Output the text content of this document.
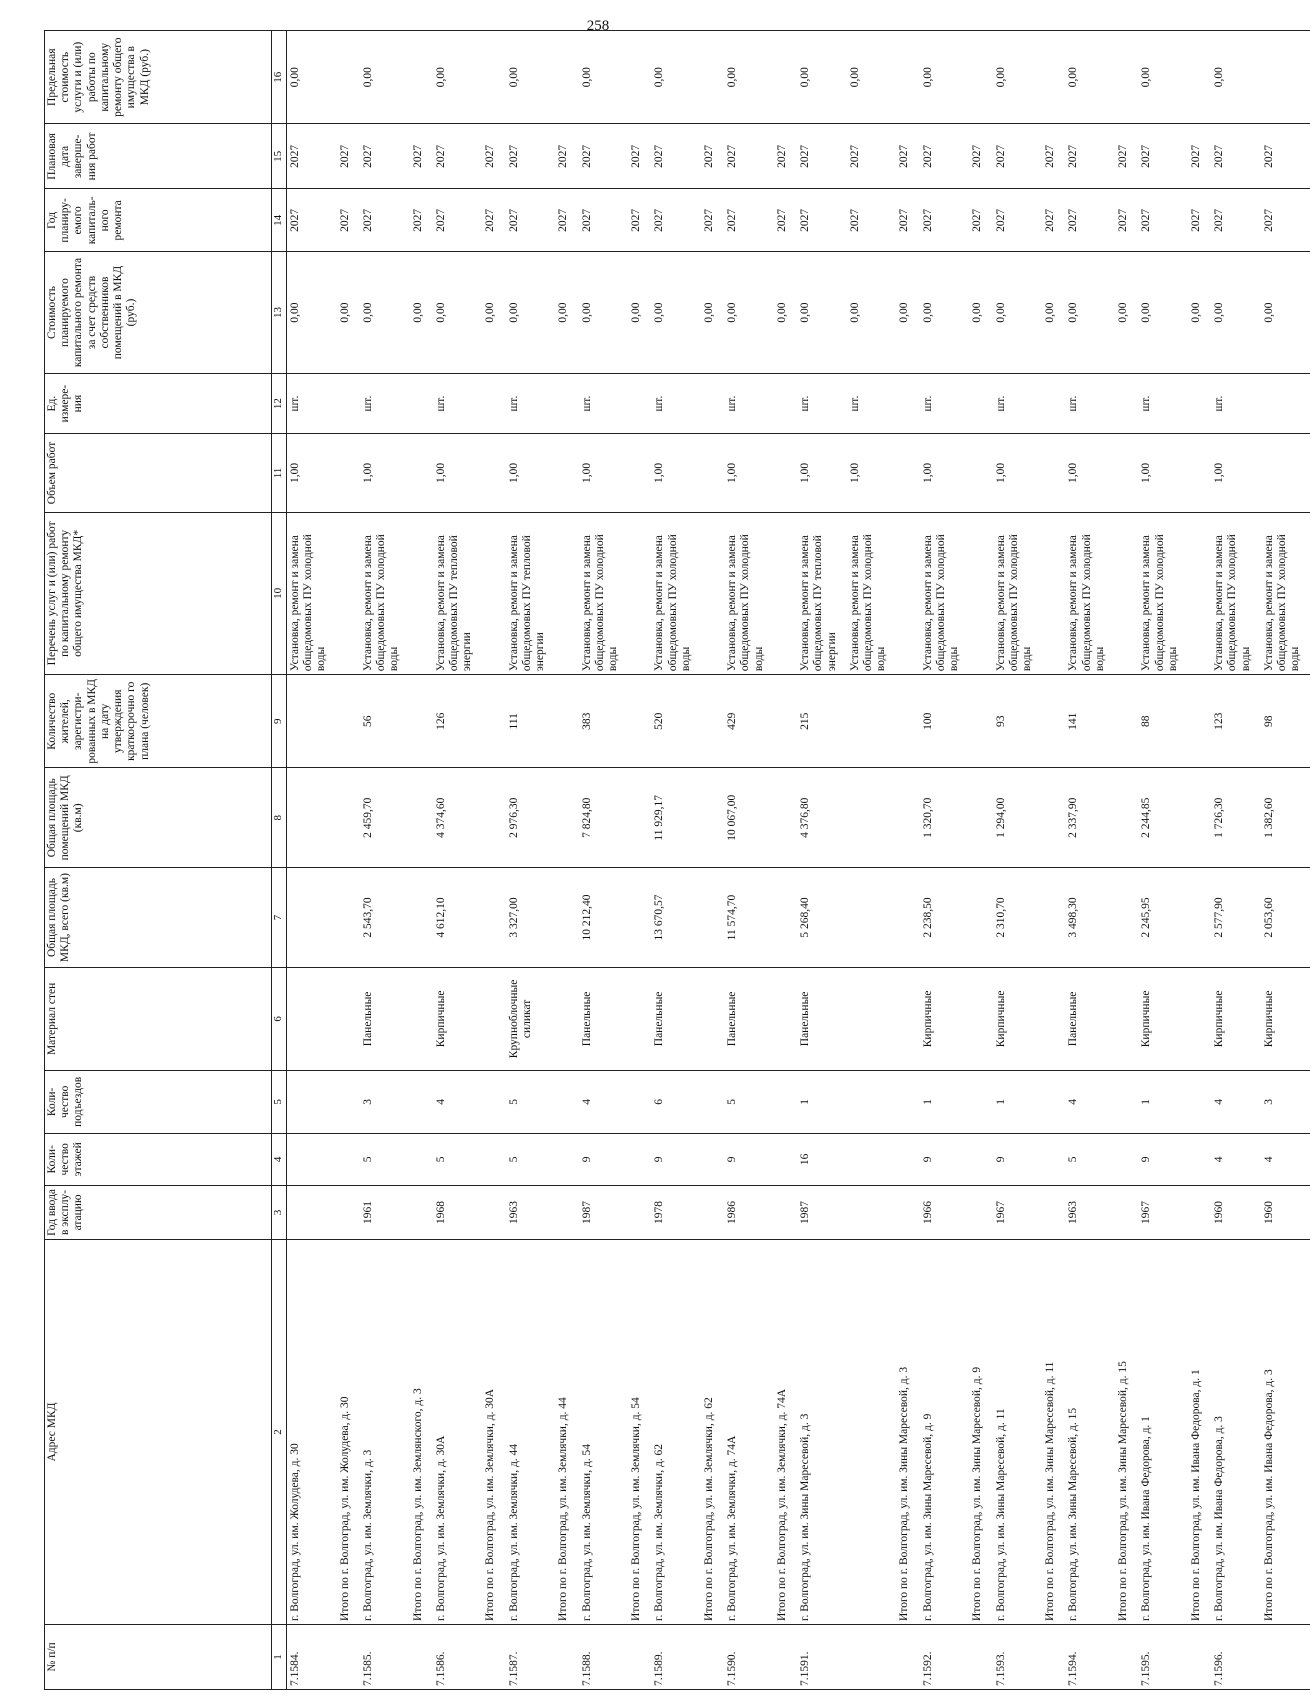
258
№ п/п	Адрес МКД	Год ввода в эксплу- атацию	Коли- чество этажей	Коли- чество подъездов	Материал стен	Общая площадь МКД, всего (кв.м)	Общая площадь помещений МКД (кв.м)	Количество жителей, зарегистри- рованных в МКД на дату утверждения краткосрочно го плана (человек)	Перечень услуг и (или) работ по капитальному ремонту общего имущества МКД*	Объем работ	Ед. измере- ния	Стоимость планируемого капитального ремонта за счет средств собственников помещений в МКД (руб.)	Год планиру- емого капиталь- ного ремонта	Плановая дата заверше- ния работ	Предельная стоимость услуги и (или) работы по капитальному ремонту общего имущества в МКД (руб.)
1	2	3	4	5	6	7	8	9	10	11	12	13	14	15	16
7.1584.	г. Волгоград, ул. им. Жолудева, д. 30								Установка, ремонт и замена общедомовых ПУ холодной воды	1,00	шт.	0,00	2027	2027	0,00
	Итого по г. Волгоград, ул. им. Жолудева, д. 30											0,00	2027	2027	
7.1585.	г. Волгоград, ул. им. Землячки, д. 3	1961	5	3	Панельные	2 543,70	2 459,70	56	Установка, ремонт и замена общедомовых ПУ холодной воды	1,00	шт.	0,00	2027	2027	0,00
	Итого по г. Волгоград, ул. им. Землянского, д. 3											0,00	2027	2027	
7.1586.	г. Волгоград, ул. им. Землячки, д. 30А	1968	5	4	Кирпичные	4 612,10	4 374,60	126	Установка, ремонт и замена общедомовых ПУ тепловой энергии	1,00	шт.	0,00	2027	2027	0,00
	Итого по г. Волгоград, ул. им. Землячки, д. 30А											0,00	2027	2027	
7.1587.	г. Волгоград, ул. им. Землячки, д. 44	1963	5	5	Крупноблочные силикат	3 327,00	2 976,30	111	Установка, ремонт и замена общедомовых ПУ тепловой энергии	1,00	шт.	0,00	2027	2027	0,00
	Итого по г. Волгоград, ул. им. Землячки, д. 44											0,00	2027	2027	
7.1588.	г. Волгоград, ул. им. Землячки, д. 54	1987	9	4	Панельные	10 212,40	7 824,80	383	Установка, ремонт и замена общедомовых ПУ холодной воды	1,00	шт.	0,00	2027	2027	0,00
	Итого по г. Волгоград, ул. им. Землячки, д. 54											0,00	2027	2027	
7.1589.	г. Волгоград, ул. им. Землячки, д. 62	1978	9	6	Панельные	13 670,57	11 929,17	520	Установка, ремонт и замена общедомовых ПУ холодной воды	1,00	шт.	0,00	2027	2027	0,00
	Итого по г. Волгоград, ул. им. Землячки, д. 62											0,00	2027	2027	
7.1590.	г. Волгоград, ул. им. Землячки, д. 74А	1986	9	5	Панельные	11 574,70	10 067,00	429	Установка, ремонт и замена общедомовых ПУ холодной воды	1,00	шт.	0,00	2027	2027	0,00
	Итого по г. Волгоград, ул. им. Землячки, д. 74А											0,00	2027	2027	
7.1591.	г. Волгоград, ул. им. Зины Маресевой, д. 3	1987	16	1	Панельные	5 268,40	4 376,80	215	Установка, ремонт и замена общедомовых ПУ тепловой энергии	1,00	шт.	0,00	2027	2027	0,00
									Установка, ремонт и замена общедомовых ПУ холодной воды	1,00	шт.	0,00	2027	2027	0,00
	Итого по г. Волгоград, ул. им. Зины Маресевой, д. 3											0,00	2027	2027	
7.1592.	г. Волгоград, ул. им. Зины Маресевой, д. 9	1966	9	1	Кирпичные	2 238,50	1 320,70	100	Установка, ремонт и замена общедомовых ПУ холодной воды	1,00	шт.	0,00	2027	2027	0,00
	Итого по г. Волгоград, ул. им. Зины Маресевой, д. 9											0,00	2027	2027	
7.1593.	г. Волгоград, ул. им. Зины Маресевой, д. 11	1967	9	1	Кирпичные	2 310,70	1 294,00	93	Установка, ремонт и замена общедомовых ПУ холодной воды	1,00	шт.	0,00	2027	2027	0,00
	Итого по г. Волгоград, ул. им. Зины Маресевой, д. 11											0,00	2027	2027	
7.1594.	г. Волгоград, ул. им. Зины Маресевой, д. 15	1963	5	4	Панельные	3 498,30	2 337,90	141	Установка, ремонт и замена общедомовых ПУ холодной воды	1,00	шт.	0,00	2027	2027	0,00
	Итого по г. Волгоград, ул. им. Зины Маресевой, д. 15											0,00	2027	2027	
7.1595.	г. Волгоград, ул. им. Ивана Федорова, д. 1	1967	9	1	Кирпичные	2 245,95	2 244,85	88	Установка, ремонт и замена общедомовых ПУ холодной воды	1,00	шт.	0,00	2027	2027	0,00
	Итого по г. Волгоград, ул. им. Ивана Федорова, д. 1											0,00	2027	2027	
7.1596.	г. Волгоград, ул. им. Ивана Федорова, д. 3	1960	4	4	Кирпичные	2 577,90	1 726,30	123	Установка, ремонт и замена общедомовых ПУ холодной воды	1,00	шт.	0,00	2027	2027	0,00
	Итого по г. Волгоград, ул. им. Ивана Федорова, д. 3	1960	4	3	Кирпичные	2 053,60	1 382,60	98	Установка, ремонт и замена общедомовых ПУ холодной воды			0,00	2027	2027	
